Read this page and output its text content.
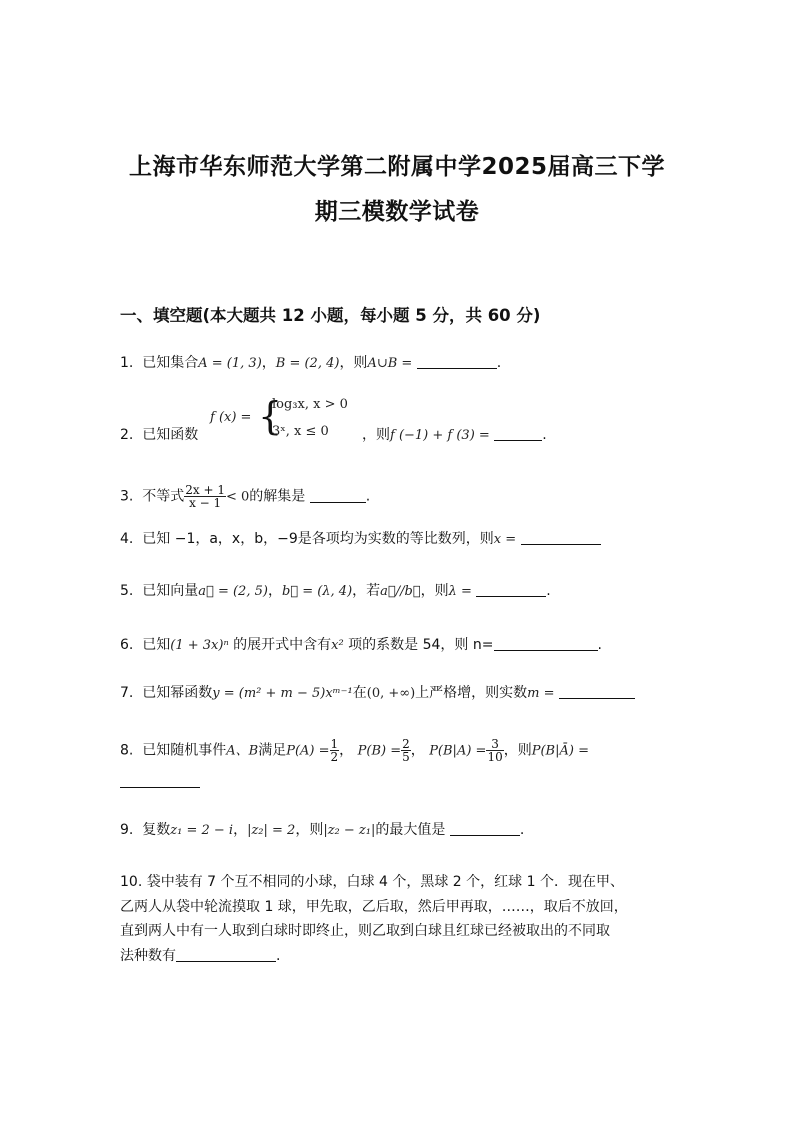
上海市华东师范大学第二附属中学2025届高三下学
期三模数学试卷
一、填空题(本大题共 12 小题，每小题 5 分，共 60 分)
1. 已知集合A = (1, 3)，B = (2, 4)，则A∪B =	.
2. 已知函数
f (x) = {
log₃x, x > 0
3ˣ, x ≤ 0 ，则f (−1) + f (3) =	.
3. 不等式 $\frac{2x + 1}{x - 1} < 0$的解集是	.
4. 已知 −1，a，x，b，−9是各项均为实数的等比数列，则x =
5. 已知向量a⃗ = (2, 5)，b⃗ = (λ, 4)，若a⃗//b⃗，则λ =	.
6. 已知(1 + 3x)ⁿ 的展开式中含有x² 项的系数是 54，则 n=	.
7. 已知幂函数y = (m² + m − 5)xᵐ⁻¹在(0, +∞)上严格增，则实数m =
8. 已知随机事件A、B满足$P(A) = \frac{1}{2}$ ， $P(B) = \frac{2}{5}$ ， $P(B|A) = \frac{3}{10}$ ，则P(B|Ā) =
9. 复数z₁ = 2 − i，|z₂| = 2，则|z₂ − z₁|的最大值是	.
10. 袋中装有 7 个互不相同的小球，白球 4 个，黑球 2 个，红球 1 个．现在甲、
乙两人从袋中轮流摸取 1 球，甲先取，乙后取，然后甲再取，……，取后不放回，
直到两人中有一人取到白球时即终止，则乙取到白球且红球已经被取出的不同取
法种数有	.
